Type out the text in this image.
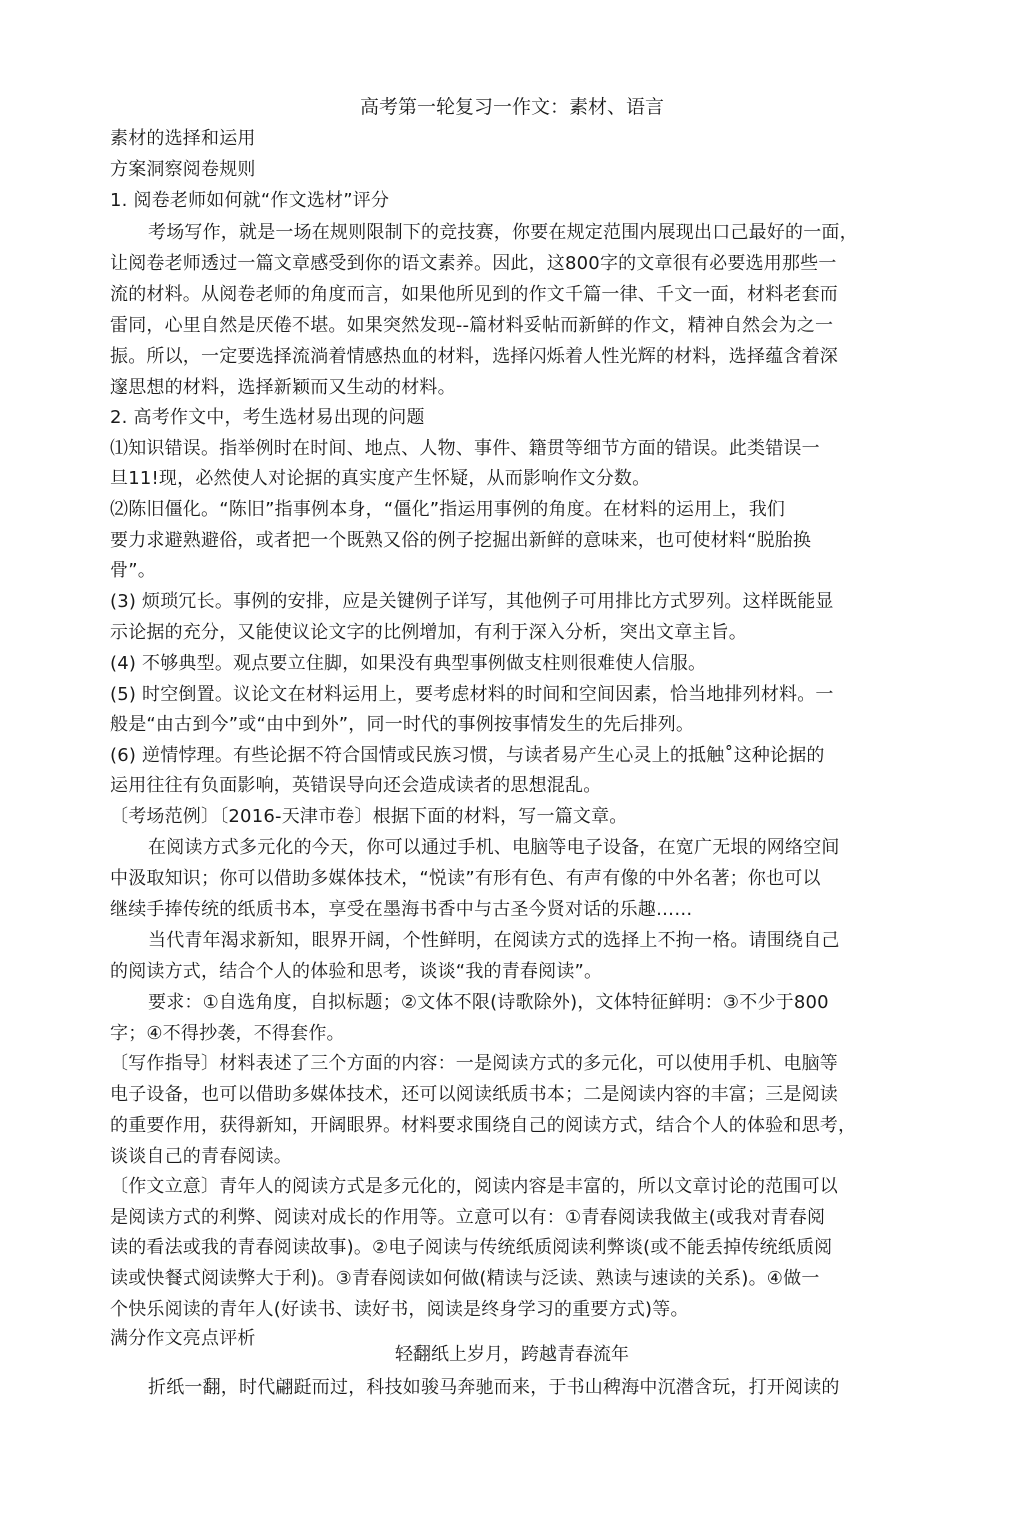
高考第一轮复习一作文：素材、语言
素材的选择和运用
方案洞察阅卷规则
1. 阅卷老师如何就“作文选材”评分
考场写作，就是一场在规则限制下的竞技赛，你要在规定范围内展现出口己最好的一面，
让阅卷老师透过一篇文章感受到你的语文素养。因此，这800字的文章很有必要选用那些一
流的材料。从阅卷老师的角度而言，如果他所见到的作文千篇一律、千文一面，材料老套而
雷同，心里自然是厌倦不堪。如果突然发现--篇材料妥帖而新鲜的作文，精神自然会为之一
振。所以，一定要选择流淌着情感热血的材料，选择闪烁着人性光辉的材料，选择蕴含着深
邃思想的材料，选择新颖而又生动的材料。
2. 高考作文中，考生选材易出现的问题
⑴知识错误。指举例时在时间、地点、人物、事件、籍贯等细节方面的错误。此类错误一
旦11!现，必然使人对论据的真实度产生怀疑，从而影响作文分数。
⑵陈旧僵化。“陈旧”指事例本身，“僵化”指运用事例的角度。在材料的运用上，我们
要力求避熟避俗，或者把一个既熟又俗的例子挖掘出新鲜的意味来，也可使材料“脱胎换
骨”。
(3) 烦琐冗长。事例的安排，应是关键例子详写，其他例子可用排比方式罗列。这样既能显
示论据的充分，又能使议论文字的比例增加，有利于深入分析，突出文章主旨。
(4) 不够典型。观点要立住脚，如果没有典型事例做支柱则很难使人信服。
(5) 时空倒置。议论文在材料运用上，要考虑材料的时间和空间因素，恰当地排列材料。一
般是“由古到今”或“由中到外”，同一时代的事例按事情发生的先后排列。
(6) 逆情悖理。有些论据不符合国情或民族习惯，与读者易产生心灵上的抵触˚这种论据的
运用往往有负面影响，英错误导向还会造成读者的思想混乱。
〔考场范例〕〔2016-天津市卷〕根据下面的材料，写一篇文章。
在阅读方式多元化的今天，你可以通过手机、电脑等电子设备，在宽广无垠的网络空间
中汲取知识；你可以借助多媒体技术，“悦读”有形有色、有声有像的中外名著；你也可以
继续手捧传统的纸质书本，享受在墨海书香中与古圣今贤对话的乐趣……
当代青年渴求新知，眼界开阔，个性鲜明，在阅读方式的选择上不拘一格。请围绕自己
的阅读方式，结合个人的体验和思考，谈谈“我的青春阅读”。
要求：①自选角度，自拟标题；②文体不限(诗歌除外)，文体特征鲜明：③不少于800
字；④不得抄袭，不得套作。
〔写作指导〕材料表述了三个方面的内容：一是阅读方式的多元化，可以使用手机、电脑等
电子设备，也可以借助多媒体技术，还可以阅读纸质书本；二是阅读内容的丰富；三是阅读
的重要作用，获得新知，开阔眼界。材料要求围绕自己的阅读方式，结合个人的体验和思考，
谈谈自己的青春阅读。
〔作文立意〕青年人的阅读方式是多元化的，阅读内容是丰富的，所以文章讨论的范围可以
是阅读方式的利弊、阅读对成长的作用等。立意可以有：①青春阅读我做主(或我对青春阅
读的看法或我的青春阅读故事)。②电子阅读与传统纸质阅读利弊谈(或不能丢掉传统纸质阅
读或快餐式阅读弊大于利)。③青春阅读如何做(精读与泛读、熟读与速读的关系)。④做一
个快乐阅读的青年人(好读书、读好书，阅读是终身学习的重要方式)等。
满分作文亮点评析
轻翻纸上岁月，跨越青春流年
折纸一翻，时代翩跹而过，科技如骏马奔驰而来，于书山稗海中沉潜含玩，打开阅读的
